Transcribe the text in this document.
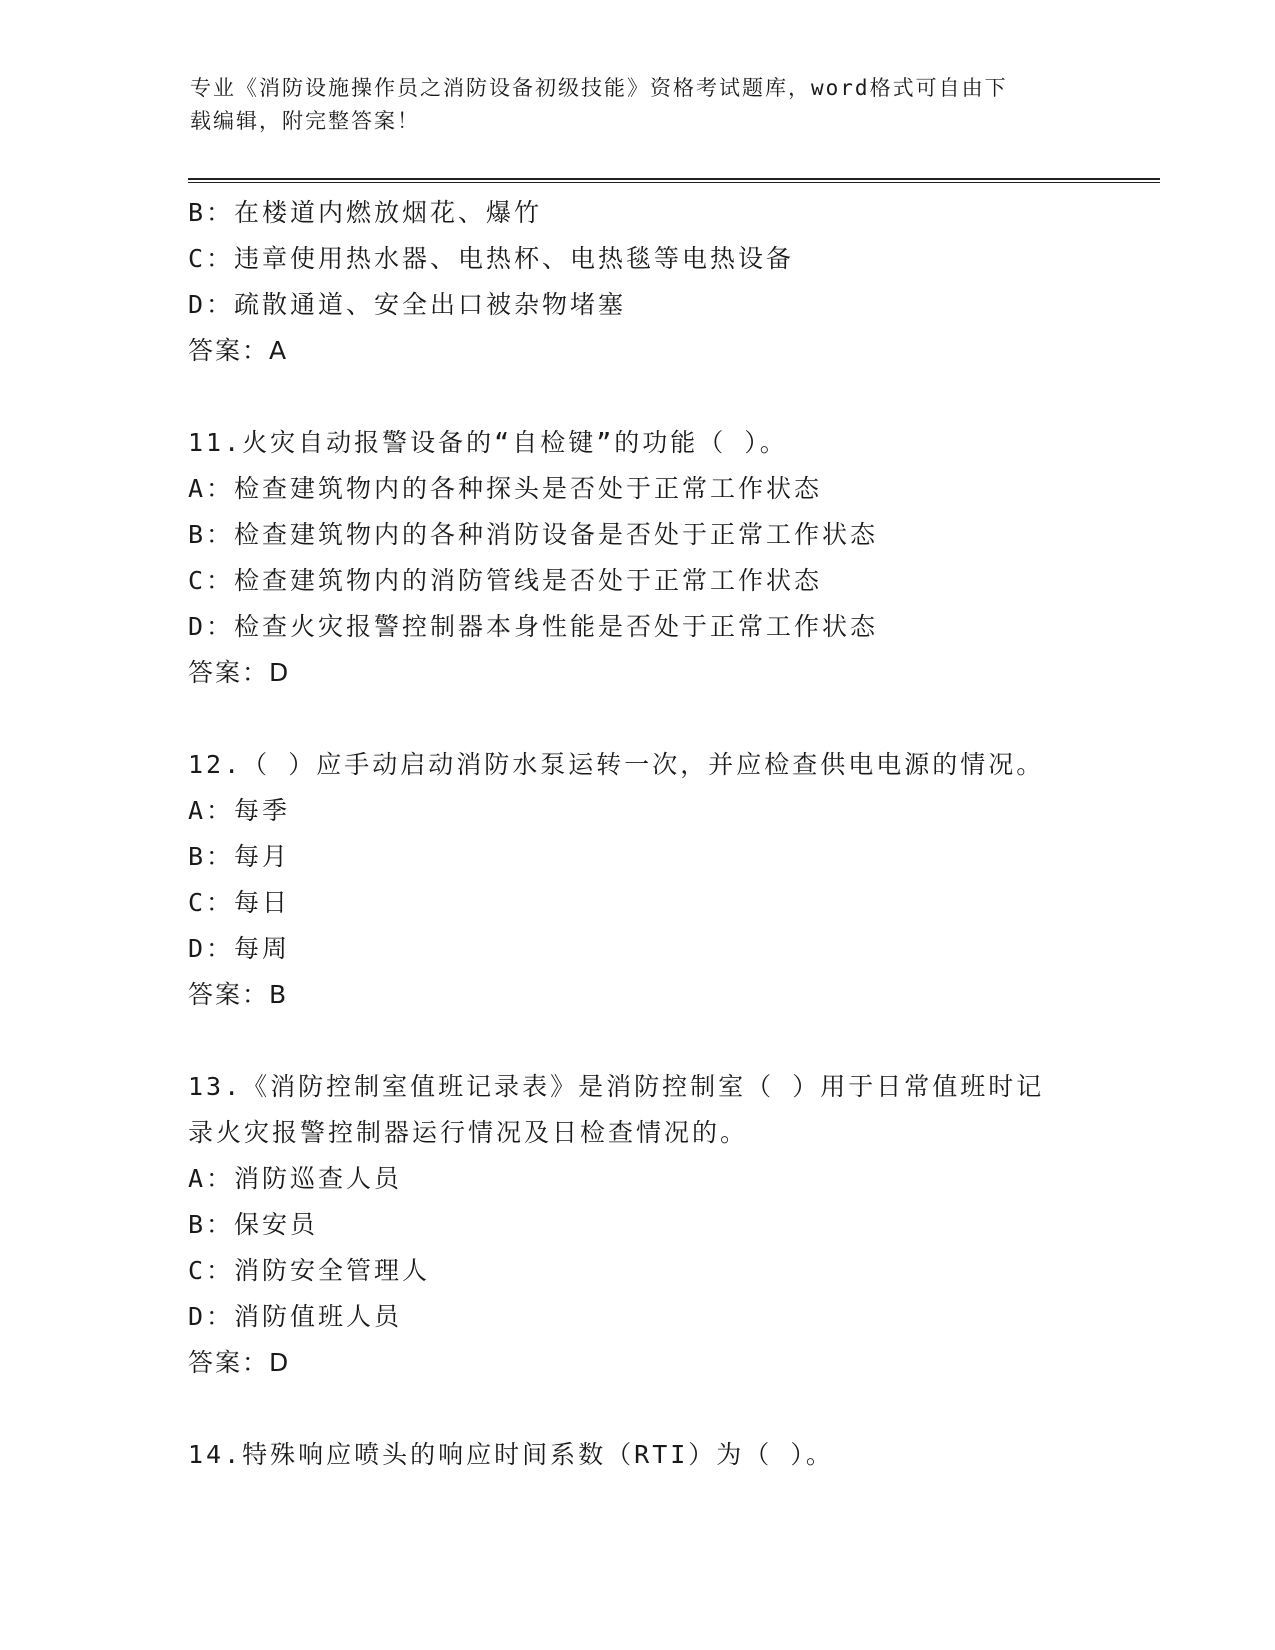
专业《消防设施操作员之消防设备初级技能》资格考试题库，word格式可自由下
载编辑，附完整答案！
B：在楼道内燃放烟花、爆竹
C：违章使用热水器、电热杯、电热毯等电热设备
D：疏散通道、安全出口被杂物堵塞
答案：A
11.火灾自动报警设备的“自检键”的功能（ ）。
A：检查建筑物内的各种探头是否处于正常工作状态
B：检查建筑物内的各种消防设备是否处于正常工作状态
C：检查建筑物内的消防管线是否处于正常工作状态
D：检查火灾报警控制器本身性能是否处于正常工作状态
答案：D
12.（ ）应手动启动消防水泵运转一次，并应检查供电电源的情况。
A：每季
B：每月
C：每日
D：每周
答案：B
13.《消防控制室值班记录表》是消防控制室（ ）用于日常值班时记
录火灾报警控制器运行情况及日检查情况的。
A：消防巡查人员
B：保安员
C：消防安全管理人
D：消防值班人员
答案：D
14.特殊响应喷头的响应时间系数（RTI）为（ ）。
